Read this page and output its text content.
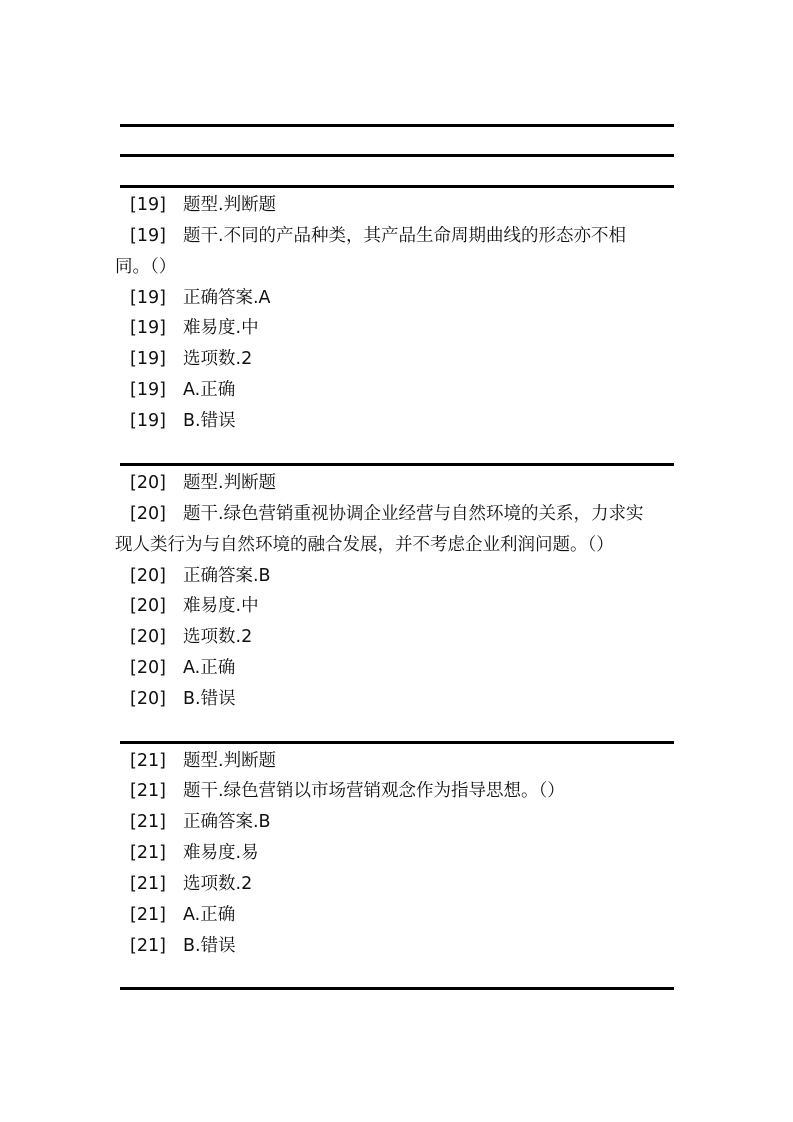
[19] 题型.判断题
[19] 题干.不同的产品种类，其产品生命周期曲线的形态亦不相
同。（）
[19] 正确答案.A
[19] 难易度.中
[19] 选项数.2
[19] A.正确
[19] B.错误
[20] 题型.判断题
[20] 题干.绿色营销重视协调企业经营与自然环境的关系，力求实
现人类行为与自然环境的融合发展，并不考虑企业利润问题。（）
[20] 正确答案.B
[20] 难易度.中
[20] 选项数.2
[20] A.正确
[20] B.错误
[21] 题型.判断题
[21] 题干.绿色营销以市场营销观念作为指导思想。（）
[21] 正确答案.B
[21] 难易度.易
[21] 选项数.2
[21] A.正确
[21] B.错误
